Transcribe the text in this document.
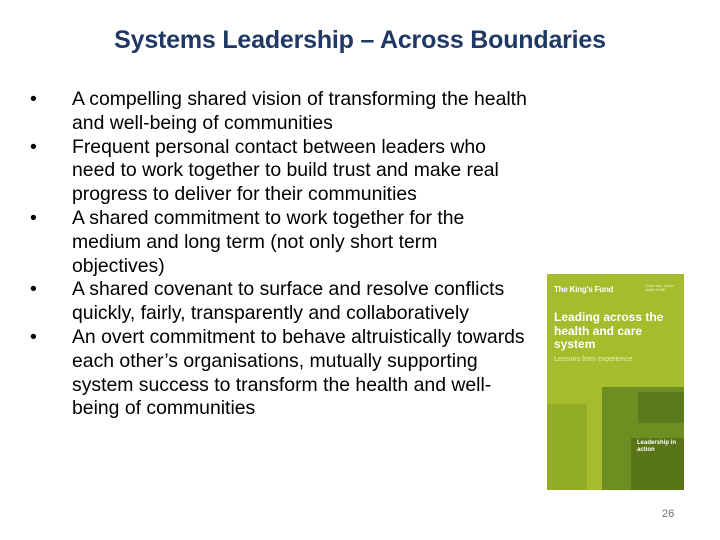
Systems Leadership – Across Boundaries
• A compelling shared vision of transforming the health and well-being of communities
• Frequent personal contact between leaders who need to work together to build trust and make real progress to deliver for their communities
• A shared commitment to work together for the medium and long term (not only short term objectives)
• A shared covenant to surface and resolve conflicts quickly, fairly, transparently and collaboratively
• An overt commitment to behave altruistically towards each other’s organisations, mutually supporting system success to transform the health and well-being of communities
The King's Fund	Chris Ham, Dame Jackie Smith
Leading across the health and care system
Lessons from experience
Leadership in action
26
